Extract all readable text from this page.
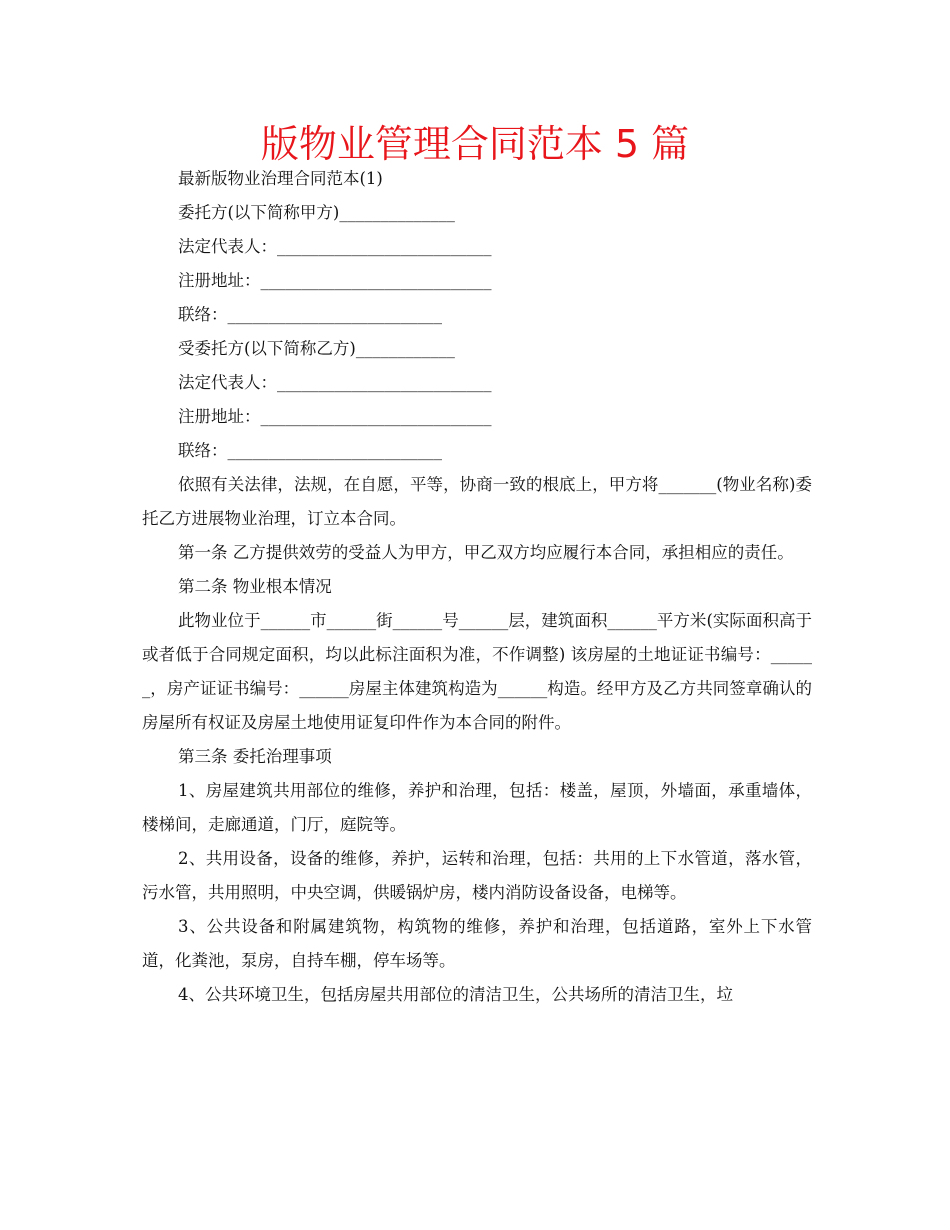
版物业管理合同范本 5 篇

最新版物业治理合同范本(1)

委托方(以下简称甲方)______________

法定代表人：__________________________

注册地址：____________________________

联络：__________________________

受委托方(以下简称乙方)____________

法定代表人：__________________________

注册地址：____________________________

联络：__________________________

依照有关法律，法规，在自愿，平等，协商一致的根底上，甲方将_______(物业名称)委托乙方进展物业治理，订立本合同。

第一条 乙方提供效劳的受益人为甲方，甲乙双方均应履行本合同，承担相应的责任。

第二条 物业根本情况

此物业位于______市______街______号______层，建筑面积______平方米(实际面积高于或者低于合同规定面积，均以此标注面积为准，不作调整) 该房屋的土地证证书编号：______，房产证证书编号：______房屋主体建筑构造为______构造。经甲方及乙方共同签章确认的房屋所有权证及房屋土地使用证复印件作为本合同的附件。

第三条 委托治理事项

1、房屋建筑共用部位的维修，养护和治理，包括：楼盖，屋顶，外墙面，承重墙体，楼梯间，走廊通道，门厅，庭院等。

2、共用设备，设备的维修，养护，运转和治理，包括：共用的上下水管道，落水管，污水管，共用照明，中央空调，供暖锅炉房，楼内消防设备设备，电梯等。

3、公共设备和附属建筑物，构筑物的维修，养护和治理，包括道路，室外上下水管道，化粪池，泵房，自持车棚，停车场等。

4、公共环境卫生，包括房屋共用部位的清洁卫生，公共场所的清洁卫生，垃
